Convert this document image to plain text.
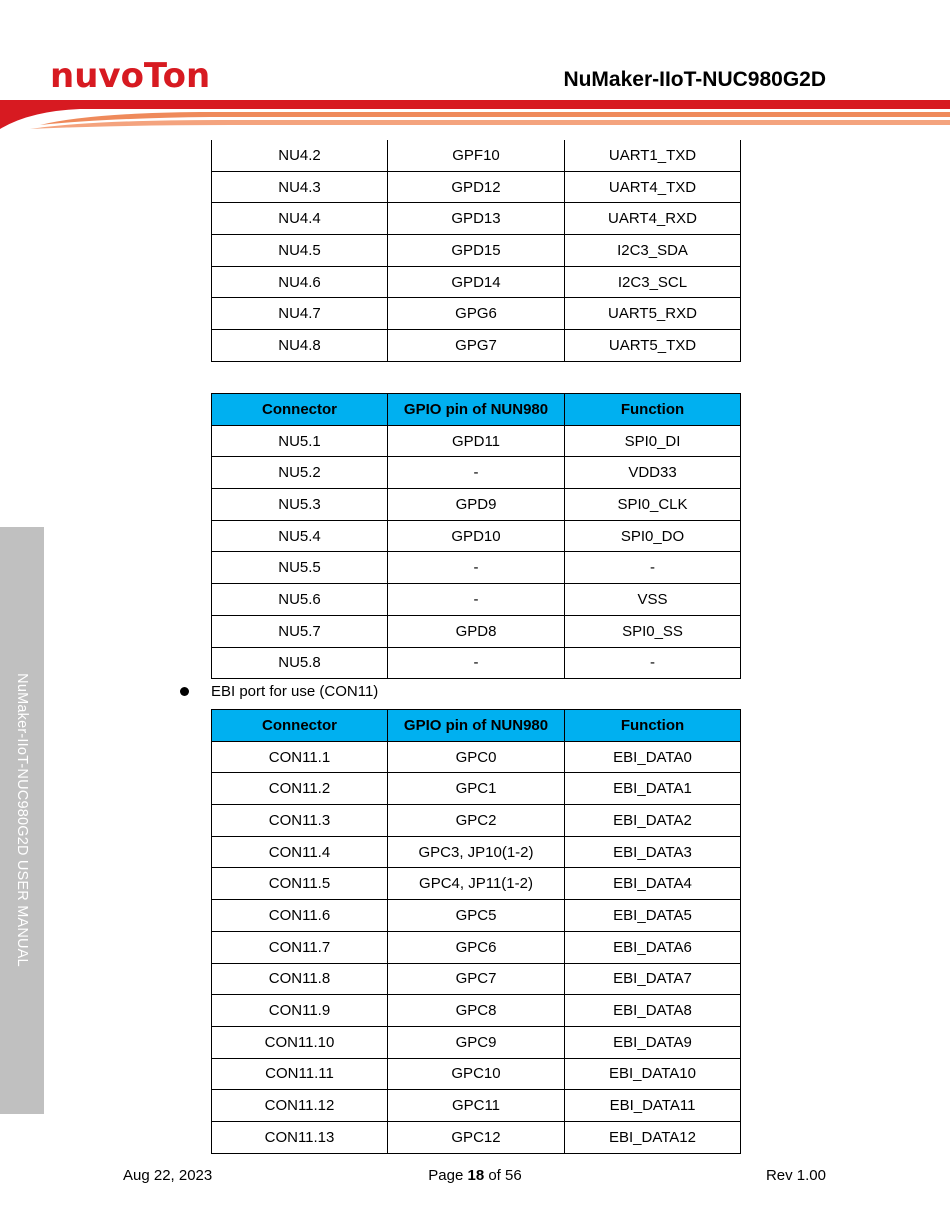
nuvoTon	NuMaker-IIoT-NUC980G2D
NuMaker-IIoT-NUC980G2D USER MANUAL
NU4.2	GPF10	UART1_TXD
NU4.3	GPD12	UART4_TXD
NU4.4	GPD13	UART4_RXD
NU4.5	GPD15	I2C3_SDA
NU4.6	GPD14	I2C3_SCL
NU4.7	GPG6	UART5_RXD
NU4.8	GPG7	UART5_TXD
Connector	GPIO pin of NUN980	Function
NU5.1	GPD11	SPI0_DI
NU5.2	-	VDD33
NU5.3	GPD9	SPI0_CLK
NU5.4	GPD10	SPI0_DO
NU5.5	-	-
NU5.6	-	VSS
NU5.7	GPD8	SPI0_SS
NU5.8	-	-
EBI port for use (CON11)
Connector	GPIO pin of NUN980	Function
CON11.1	GPC0	EBI_DATA0
CON11.2	GPC1	EBI_DATA1
CON11.3	GPC2	EBI_DATA2
CON11.4	GPC3, JP10(1-2)	EBI_DATA3
CON11.5	GPC4, JP11(1-2)	EBI_DATA4
CON11.6	GPC5	EBI_DATA5
CON11.7	GPC6	EBI_DATA6
CON11.8	GPC7	EBI_DATA7
CON11.9	GPC8	EBI_DATA8
CON11.10	GPC9	EBI_DATA9
CON11.11	GPC10	EBI_DATA10
CON11.12	GPC11	EBI_DATA11
CON11.13	GPC12	EBI_DATA12
Aug 22, 2023	Page 18 of 56	Rev 1.00
